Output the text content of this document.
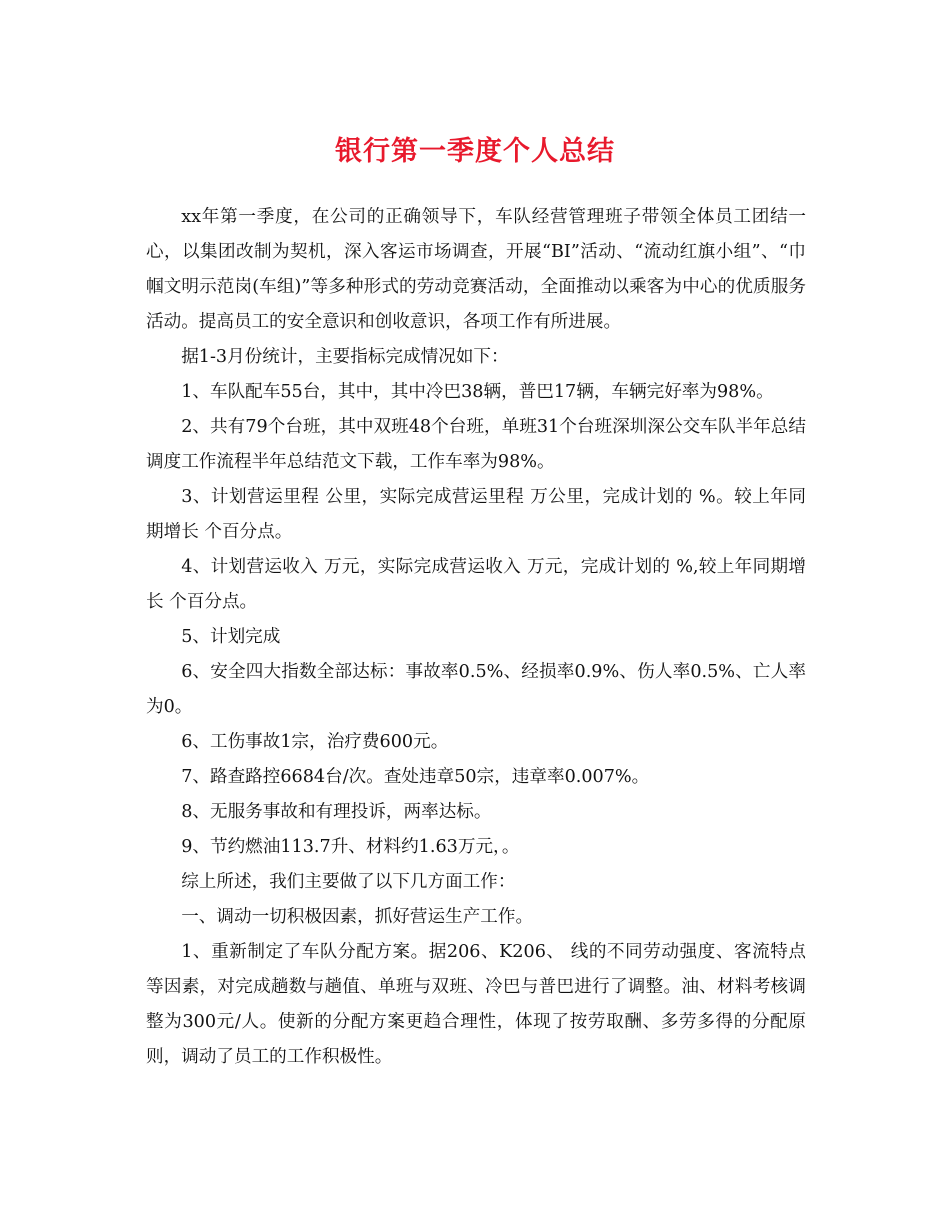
银行第一季度个人总结

xx年第一季度，在公司的正确领导下，车队经营管理班子带领全体员工团结一心，以集团改制为契机，深入客运市场调查，开展“BI”活动、“流动红旗小组”、“巾帼文明示范岗(车组)”等多种形式的劳动竞赛活动，全面推动以乘客为中心的优质服务活动。提高员工的安全意识和创收意识，各项工作有所进展。

据1-3月份统计，主要指标完成情况如下：

1、车队配车55台，其中，其中冷巴38辆，普巴17辆，车辆完好率为98%。

2、共有79个台班，其中双班48个台班，单班31个台班深圳深公交车队半年总结调度工作流程半年总结范文下载，工作车率为98%。

3、计划营运里程 公里，实际完成营运里程 万公里，完成计划的 %。较上年同期增长 个百分点。

4、计划营运收入 万元，实际完成营运收入 万元，完成计划的 %,较上年同期增长 个百分点。

5、计划完成

6、安全四大指数全部达标：事故率0.5%、经损率0.9%、伤人率0.5%、亡人率为0。

6、工伤事故1宗，治疗费600元。

7、路查路控6684台/次。查处违章50宗，违章率0.007%。

8、无服务事故和有理投诉，两率达标。

9、节约燃油113.7升、材料约1.63万元，。

综上所述，我们主要做了以下几方面工作：

一、调动一切积极因素，抓好营运生产工作。

1、重新制定了车队分配方案。据206、K206、 线的不同劳动强度、客流特点等因素，对完成趟数与趟值、单班与双班、冷巴与普巴进行了调整。油、材料考核调整为300元/人。使新的分配方案更趋合理性，体现了按劳取酬、多劳多得的分配原则，调动了员工的工作积极性。
